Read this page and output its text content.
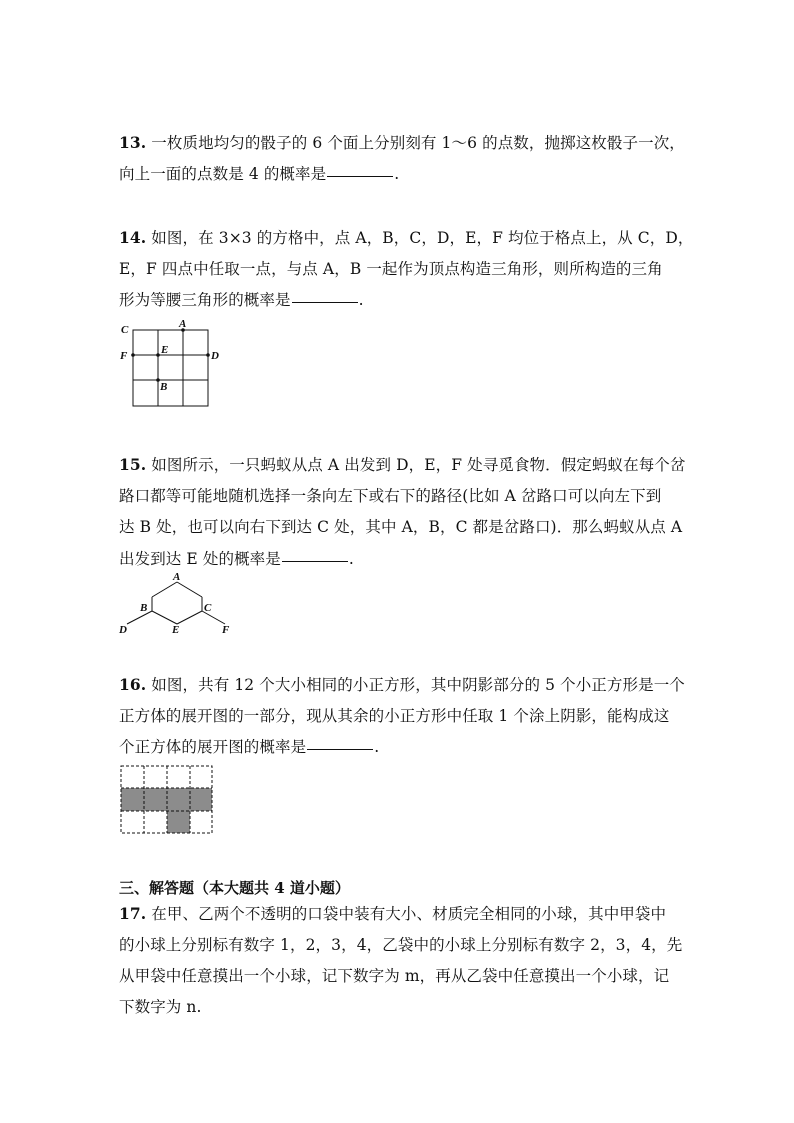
13. 一枚质地均匀的骰子的 6 个面上分别刻有 1～6 的点数，抛掷这枚骰子一次，
向上一面的点数是 4 的概率是	.
14. 如图，在 3×3 的方格中，点 A，B，C，D，E，F 均位于格点上，从 C，D，
E，F 四点中任取一点，与点 A，B 一起作为顶点构造三角形，则所构造的三角
形为等腰三角形的概率是	.
C	A
F	E	D
B
15. 如图所示，一只蚂蚁从点 A 出发到 D，E，F 处寻觅食物．假定蚂蚁在每个岔
路口都等可能地随机选择一条向左下或右下的路径(比如 A 岔路口可以向左下到
达 B 处，也可以向右下到达 C 处，其中 A，B，C 都是岔路口)．那么蚂蚁从点 A
出发到达 E 处的概率是	.
A
B	C
D	E	F
16. 如图，共有 12 个大小相同的小正方形，其中阴影部分的 5 个小正方形是一个
正方体的展开图的一部分，现从其余的小正方形中任取 1 个涂上阴影，能构成这
个正方体的展开图的概率是	.
三、解答题（本大题共 4 道小题）
17. 在甲、乙两个不透明的口袋中装有大小、材质完全相同的小球，其中甲袋中
的小球上分别标有数字 1，2，3，4，乙袋中的小球上分别标有数字 2，3，4，先
从甲袋中任意摸出一个小球，记下数字为 m，再从乙袋中任意摸出一个小球，记
下数字为 n.
